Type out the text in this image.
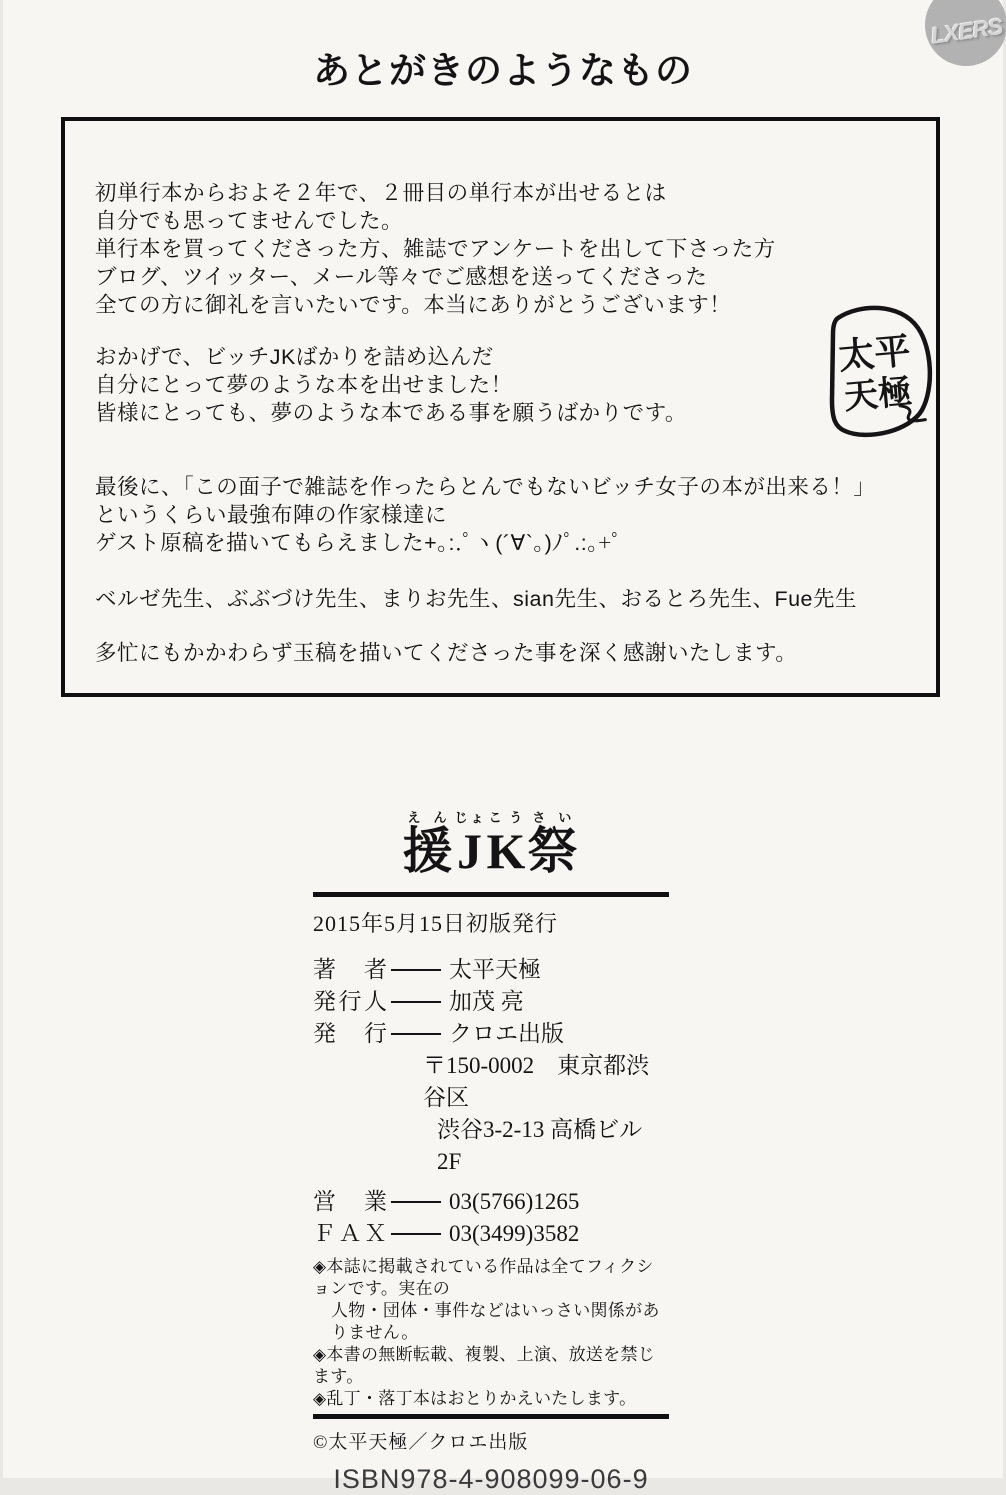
LXERS
あとがきのようなもの
初単行本からおよそ２年で、２冊目の単行本が出せるとは
自分でも思ってませんでした。
単行本を買ってくださった方、雑誌でアンケートを出して下さった方
ブログ、ツイッター、メール等々でご感想を送ってくださった
全ての方に御礼を言いたいです。本当にありがとうございます！
おかげで、ビッチJKばかりを詰め込んだ
自分にとって夢のような本を出せました！
皆様にとっても、夢のような本である事を願うばかりです。
最後に、「この面子で雑誌を作ったらとんでもないビッチ女子の本が出来る！」
というくらい最強布陣の作家様達に
ゲスト原稿を描いてもらえました+｡:.ﾟヽ(´∀`｡)ﾉﾟ.:｡+ﾟ
ベルゼ先生、ぶぶづけ先生、まりお先生、sian先生、おるとろ先生、Fue先生
多忙にもかかわらず玉稿を描いてくださった事を深く感謝いたします。
太平
天極
援えんJじょKこう祭さい
2015年5月15日初版発行
著　者	太平天極
発行人	加茂 亮
発　行	クロエ出版
〒150-0002　東京都渋谷区
渋谷3-2-13 高橋ビル 2F
営　業	03(5766)1265
ＦＡＸ	03(3499)3582
◈本誌に掲載されている作品は全てフィクションです。実在の
人物・団体・事件などはいっさい関係がありません。
◈本書の無断転載、複製、上演、放送を禁じます。
◈乱丁・落丁本はおとりかえいたします。
©太平天極／クロエ出版
ISBN978-4-908099-06-9
